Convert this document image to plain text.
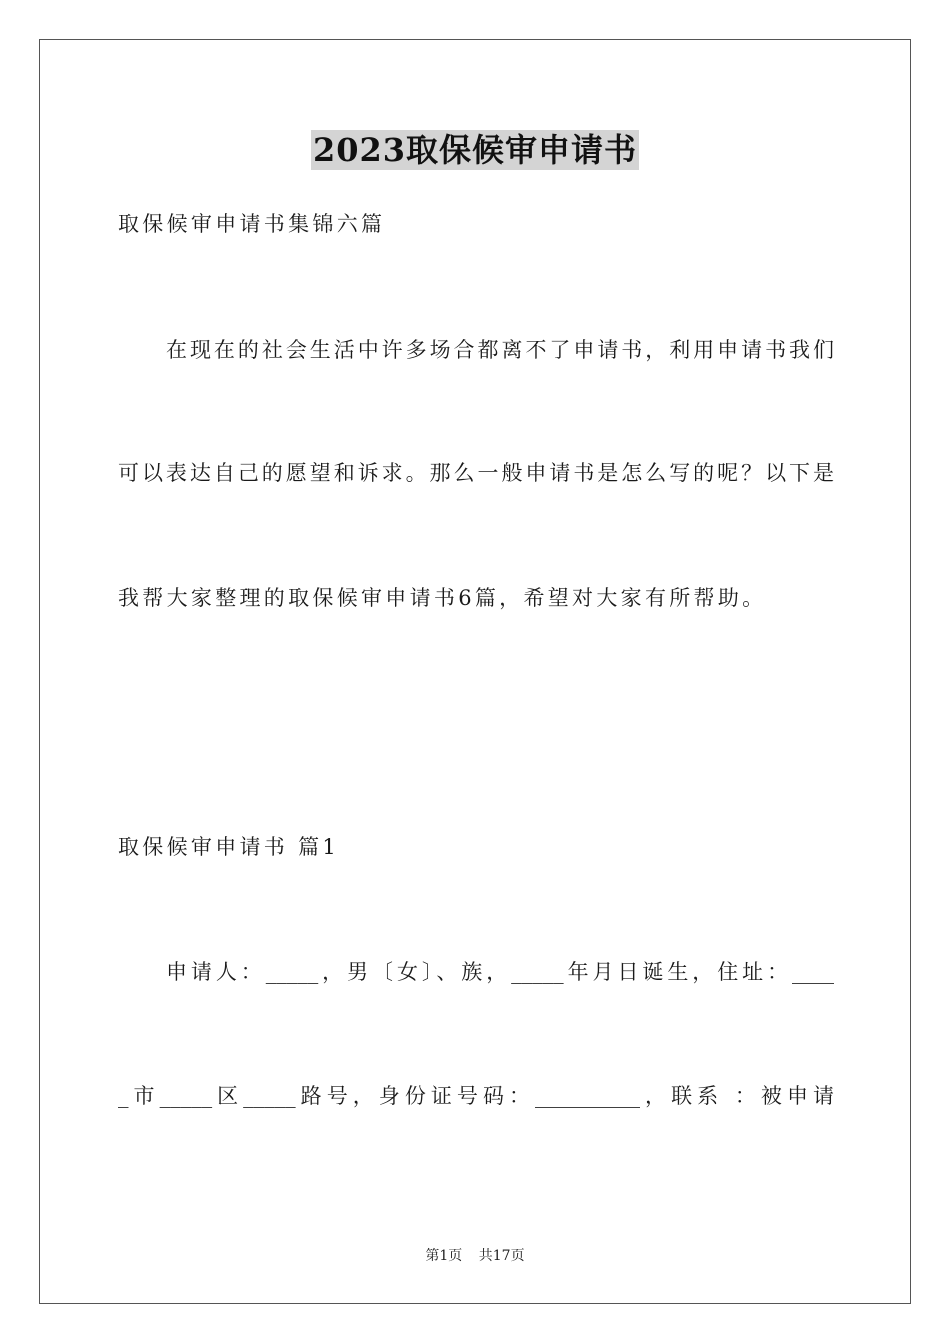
2023取保候审申请书
取保候审申请书集锦六篇
在现在的社会生活中许多场合都离不了申请书，利用申请书我们
可以表达自己的愿望和诉求。那么一般申请书是怎么写的呢？以下是
我帮大家整理的取保候审申请书6篇，希望对大家有所帮助。
取保候审申请书 篇1
申请人：_____，男〔女〕、族，_____年月日诞生，住址：____
_市_____区_____路号，身份证号码：__________，联系 ：被申请
第1页 共17页
